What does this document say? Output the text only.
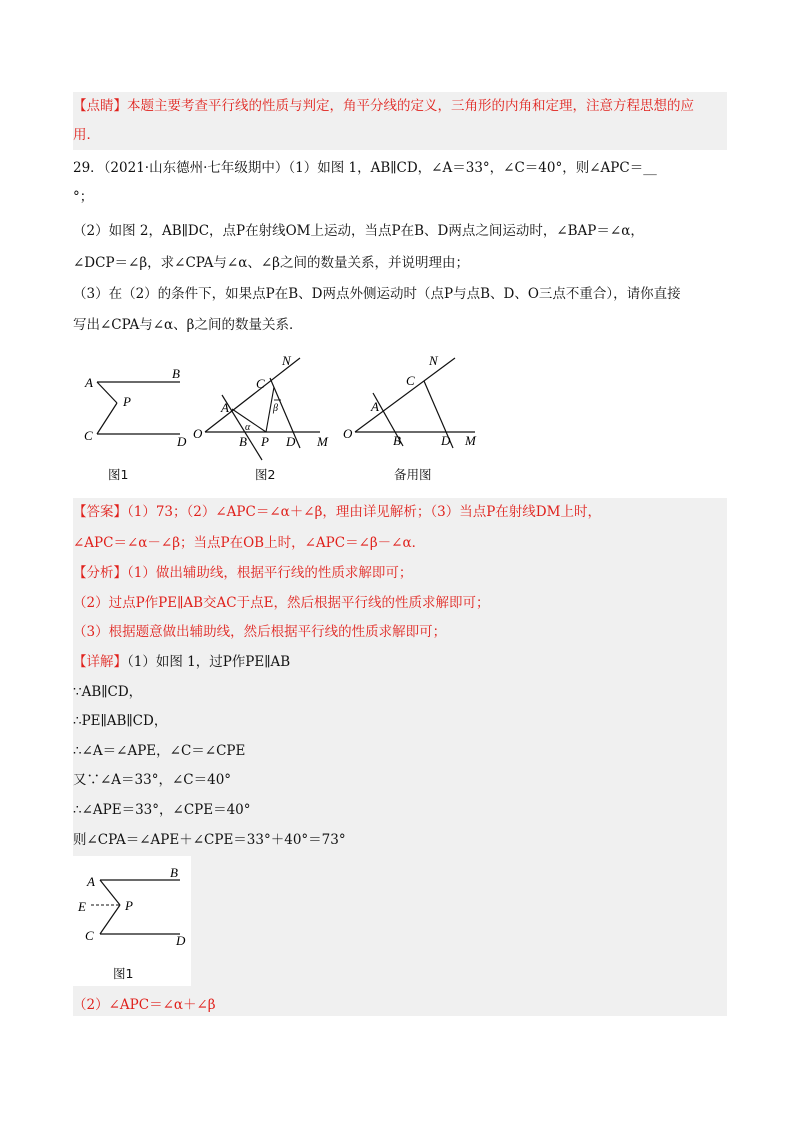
【点睛】本题主要考查平行线的性质与判定，角平分线的定义，三角形的内角和定理，注意方程思想的应
用．
29．（2021·山东德州·七年级期中）（1）如图 1，AB∥CD，∠A＝33°，∠C＝40°，则∠APC＝__
°；
（2）如图 2，AB∥DC，点P在射线OM上运动，当点P在B、D两点之间运动时，∠BAP＝∠α，
∠DCP＝∠β，求∠CPA与∠α、∠β之间的数量关系，并说明理由；
（3）在（2）的条件下，如果点P在B、D两点外侧运动时（点P与点B、D、O三点不重合），请你直接
写出∠CPA与∠α、β之间的数量关系．
A
B
P
C	D
图1
N
C
A
O
B P D M
α
β
图2
N
C
A
O	B	D M
备用图
【答案】（1）73；（2）∠APC＝∠α＋∠β，理由详见解析；（3）当点P在射线DM上时，
∠APC＝∠α－∠β；当点P在OB上时，∠APC＝∠β－∠α．
【分析】（1）做出辅助线，根据平行线的性质求解即可；
（2）过点P作PE∥AB交AC于点E，然后根据平行线的性质求解即可；
（3）根据题意做出辅助线，然后根据平行线的性质求解即可；
【详解】（1）如图 1，过P作PE∥AB
∵AB∥CD，
∴PE∥AB∥CD，
∴∠A＝∠APE，∠C＝∠CPE
又∵∠A＝33°，∠C＝40°
∴∠APE＝33°，∠CPE＝40°
则∠CPA＝∠APE＋∠CPE＝33°＋40°＝73°
A
B
E	P
C	D
图1
（2）∠APC＝∠α＋∠β
